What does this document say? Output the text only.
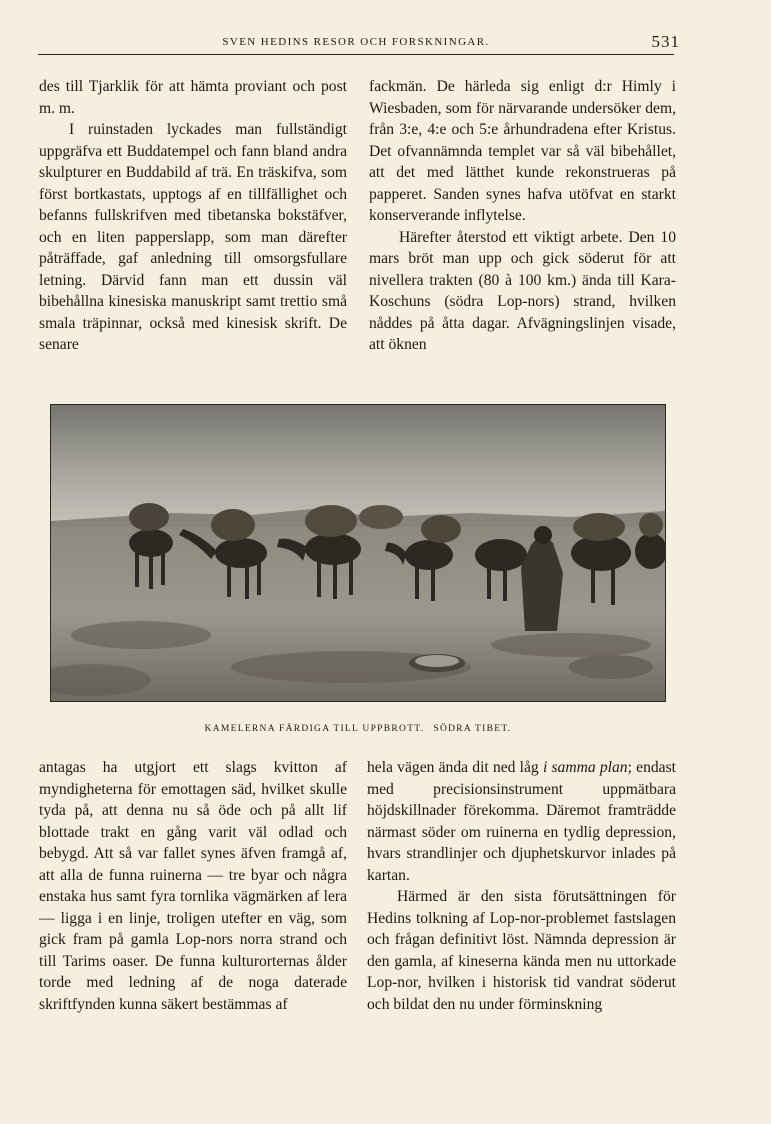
SVEN HEDINS RESOR OCH FORSKNINGAR.	531

des till Tjarklik för att hämta proviant och post m. m.

I ruinstaden lyckades man fullständigt uppgräfva ett Buddatempel och fann bland andra skulpturer en Buddabild af trä. En träskifva, som först bortkastats, upptogs af en tillfällighet och befanns fullskrifven med tibetanska bokstäfver, och en liten papperslapp, som man därefter påträffade, gaf anledning till omsorgsfullare letning. Därvid fann man ett dussin väl bibehållna kinesiska manuskript samt trettio små smala träpinnar, också med kinesisk skrift. De senare

fackmän. De härleda sig enligt d:r Himly i Wiesbaden, som för närvarande undersöker dem, från 3:e, 4:e och 5:e århundradena efter Kristus. Det ofvannämnda templet var så väl bibehållet, att det med lätthet kunde rekonstrueras på papperet. Sanden synes hafva utöfvat en starkt konserverande inflytelse.

Härefter återstod ett viktigt arbete. Den 10 mars bröt man upp och gick söderut för att nivellera trakten (80 à 100 km.) ända till Kara-Koschuns (södra Lop-nors) strand, hvilken nåddes på åtta dagar. Afvägningslinjen visade, att öknen

KAMELERNA FÄRDIGA TILL UPPBROTT. SÖDRA TIBET.

antagas ha utgjort ett slags kvitton af myndigheterna för emottagen säd, hvilket skulle tyda på, att denna nu så öde och på allt lif blottade trakt en gång varit väl odlad och bebygd. Att så var fallet synes äfven framgå af, att alla de funna ruinerna — tre byar och några enstaka hus samt fyra tornlika vägmärken af lera — ligga i en linje, troligen utefter en väg, som gick fram på gamla Lop-nors norra strand och till Tarims oaser. De funna kulturorternas ålder torde med ledning af de noga daterade skriftfynden kunna säkert bestämmas af

hela vägen ända dit ned låg i samma plan; endast med precisionsinstrument uppmätbara höjdskillnader förekomma. Däremot framträdde närmast söder om ruinerna en tydlig depression, hvars strandlinjer och djuphetskurvor inlades på kartan.

Härmed är den sista förutsättningen för Hedins tolkning af Lop-nor-problemet fastslagen och frågan definitivt löst. Nämnda depression är den gamla, af kineserna kända men nu uttorkade Lop-nor, hvilken i historisk tid vandrat söderut och bildat den nu under förminskning
